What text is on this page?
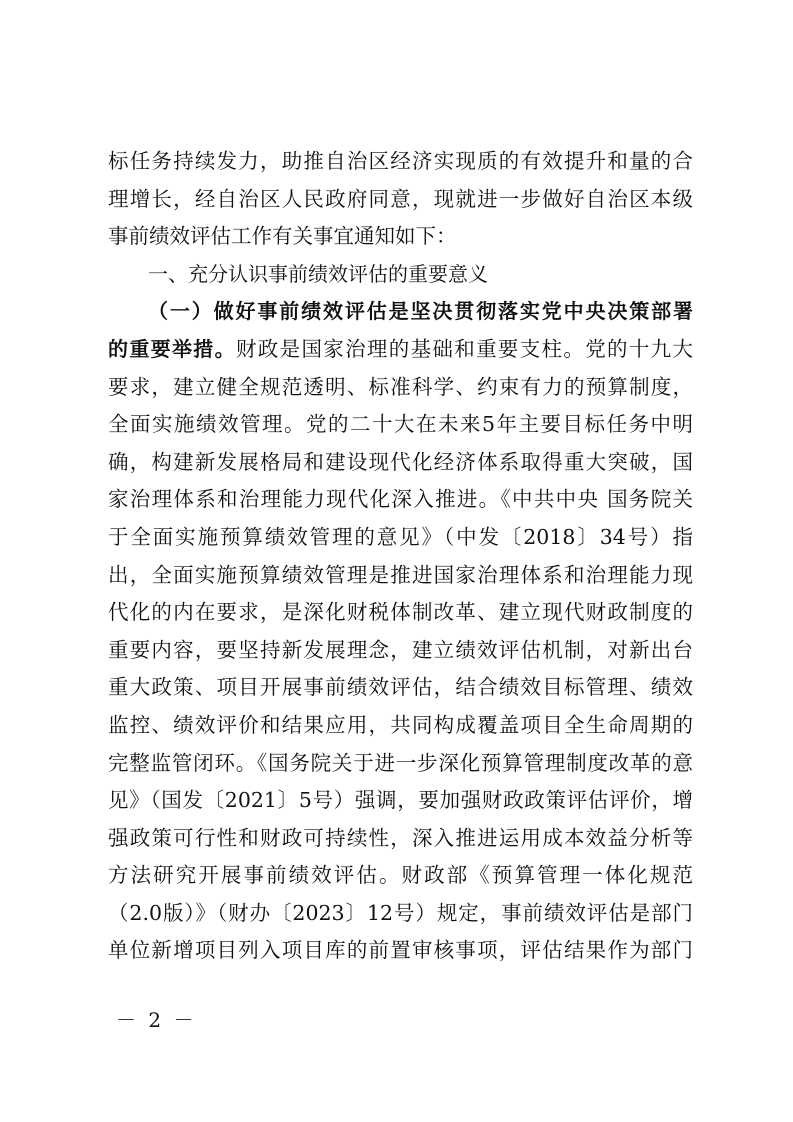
标任务持续发力，助推自治区经济实现质的有效提升和量的合
理增长，经自治区人民政府同意，现就进一步做好自治区本级
事前绩效评估工作有关事宜通知如下：
一、充分认识事前绩效评估的重要意义
（一）做好事前绩效评估是坚决贯彻落实党中央决策部署
的重要举措。财政是国家治理的基础和重要支柱。党的十九大
要求，建立健全规范透明、标准科学、约束有力的预算制度，
全面实施绩效管理。党的二十大在未来5年主要目标任务中明
确，构建新发展格局和建设现代化经济体系取得重大突破，国
家治理体系和治理能力现代化深入推进。《中共中央 国务院关
于全面实施预算绩效管理的意见》（中发〔2018〕34号）指
出，全面实施预算绩效管理是推进国家治理体系和治理能力现
代化的内在要求，是深化财税体制改革、建立现代财政制度的
重要内容，要坚持新发展理念，建立绩效评估机制，对新出台
重大政策、项目开展事前绩效评估，结合绩效目标管理、绩效
监控、绩效评价和结果应用，共同构成覆盖项目全生命周期的
完整监管闭环。《国务院关于进一步深化预算管理制度改革的意
见》（国发〔2021〕5号）强调，要加强财政政策评估评价，增
强政策可行性和财政可持续性，深入推进运用成本效益分析等
方法研究开展事前绩效评估。财政部《预算管理一体化规范
（2.0版）》（财办〔2023〕12号）规定，事前绩效评估是部门
单位新增项目列入项目库的前置审核事项，评估结果作为部门
－ 2 －
